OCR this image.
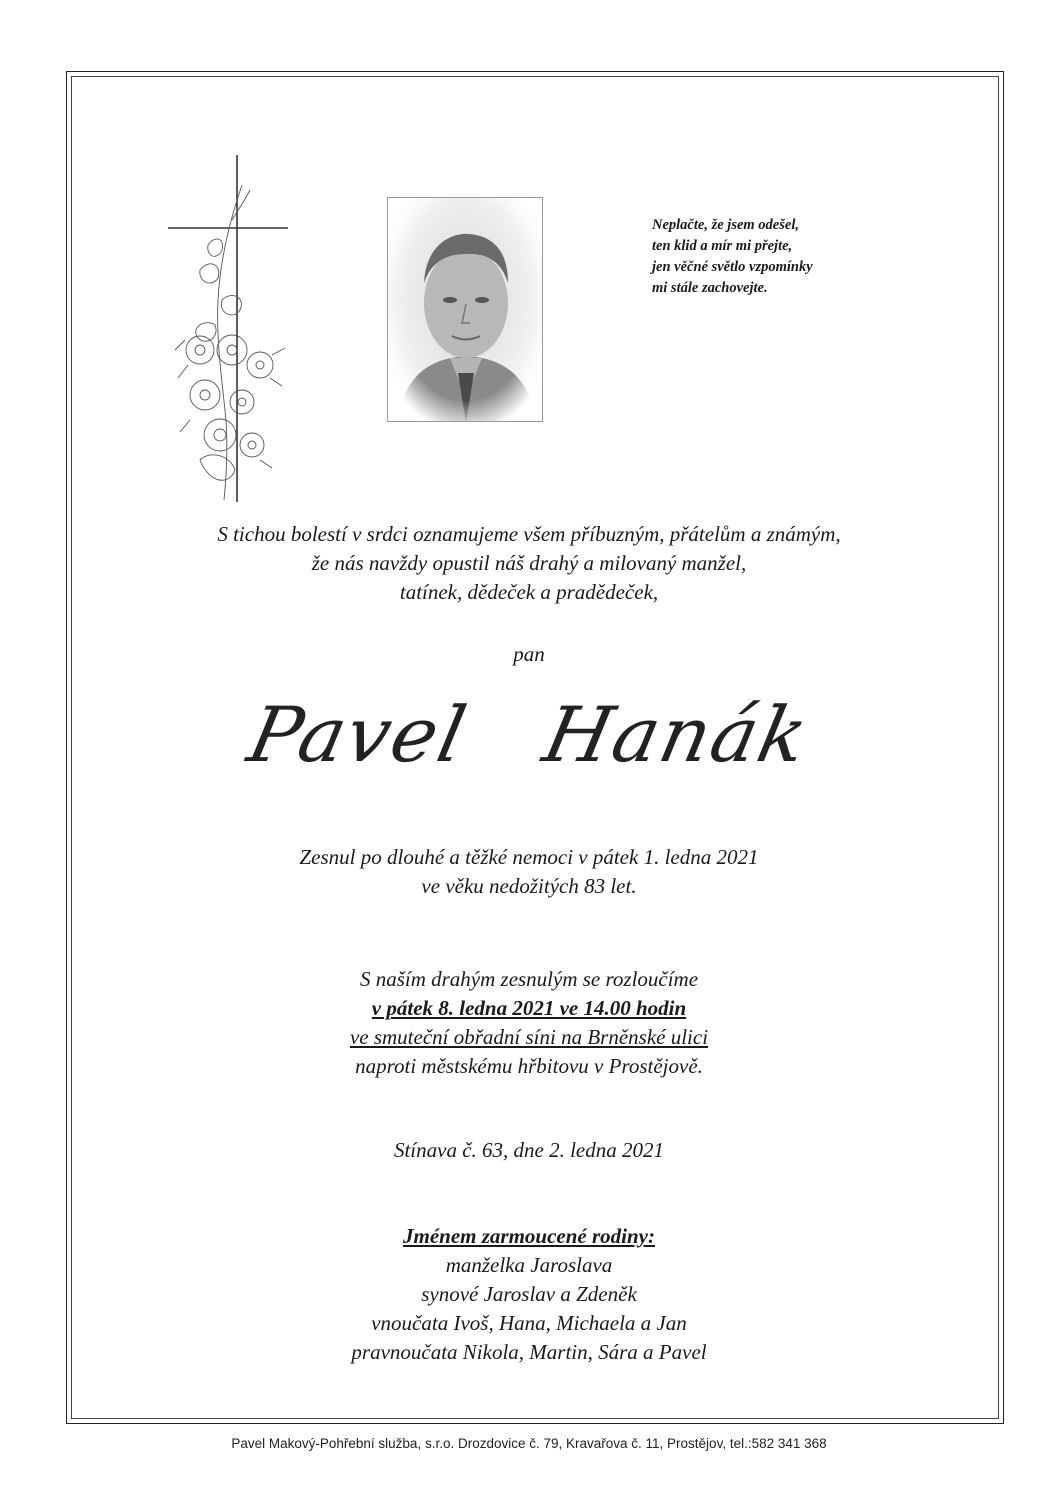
Neplačte, že jsem odešel,
ten klid a mír mi přejte,
jen věčné světlo vzpomínky
mi stále zachovejte.
S tichou bolestí v srdci oznamujeme všem příbuzným, přátelům a známým,
že nás navždy opustil náš drahý a milovaný manžel,
tatínek, dědeček a pradědeček,
pan
Pavel Hanák
Zesnul po dlouhé a těžké nemoci v pátek 1. ledna 2021
ve věku nedožitých 83 let.
S naším drahým zesnulým se rozloučíme
v pátek 8. ledna 2021 ve 14.00 hodin
ve smuteční obřadní síni na Brněnské ulici
naproti městskému hřbitovu v Prostějově.
Stínava č. 63, dne 2. ledna 2021
Jménem zarmoucené rodiny:
manželka Jaroslava
synové Jaroslav a Zdeněk
vnoučata Ivoš, Hana, Michaela a Jan
pravnoučata Nikola, Martin, Sára a Pavel
Pavel Makový-Pohřební služba, s.r.o. Drozdovice č. 79, Kravařova č. 11, Prostějov, tel.:582 341 368
